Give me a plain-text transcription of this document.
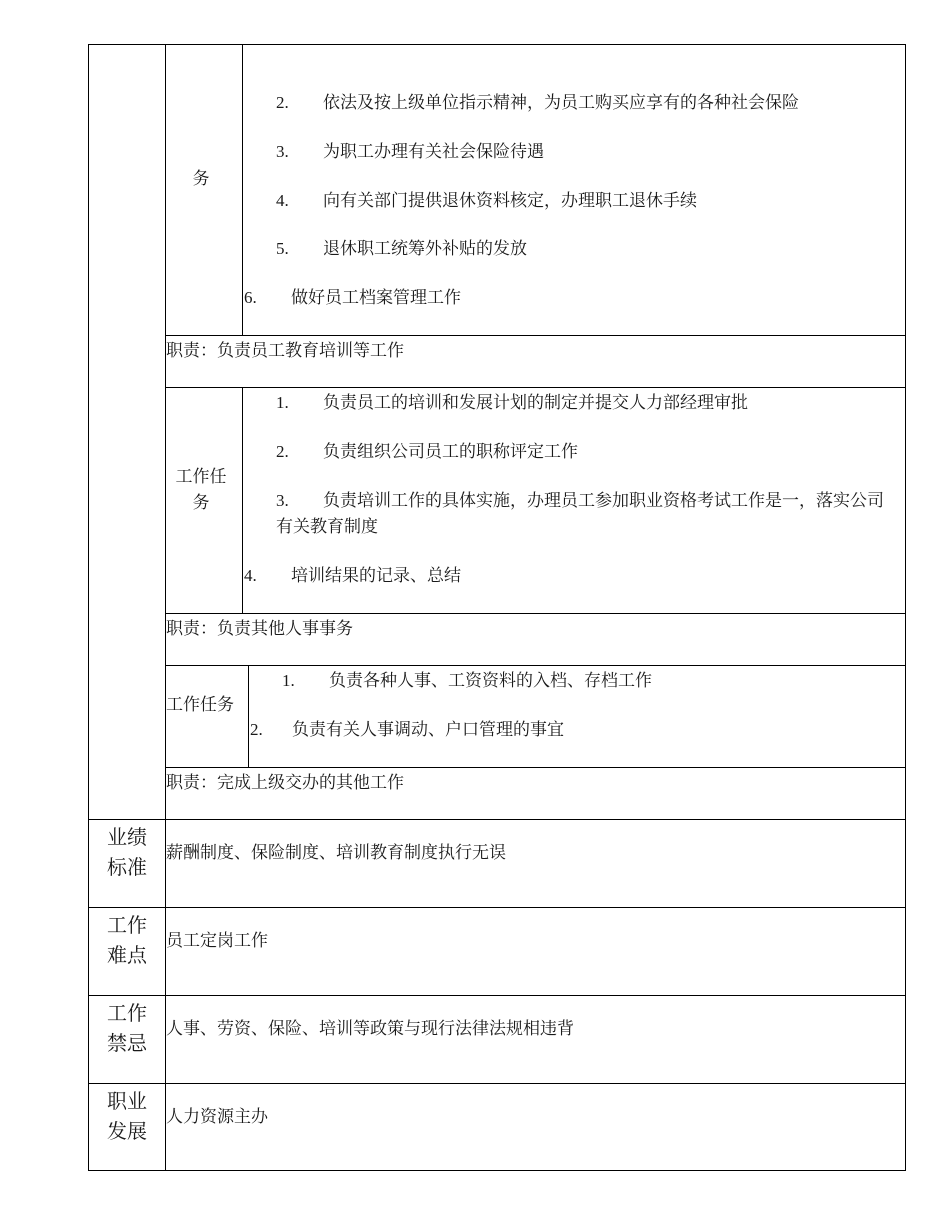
务
2. 依法及按上级单位指示精神，为员工购买应享有的各种社会保险
3. 为职工办理有关社会保险待遇
4. 向有关部门提供退休资料核定，办理职工退休手续
5. 退休职工统筹外补贴的发放
6. 做好员工档案管理工作
职责：负责员工教育培训等工作
工作任
务
1. 负责员工的培训和发展计划的制定并提交人力部经理审批
2. 负责组织公司员工的职称评定工作
3. 负责培训工作的具体实施，办理员工参加职业资格考试工作是一，落实公司有关教育制度
4. 培训结果的记录、总结
职责：负责其他人事事务
工作任务
1. 负责各种人事、工资资料的入档、存档工作
2. 负责有关人事调动、户口管理的事宜
职责：完成上级交办的其他工作
业绩
标准
薪酬制度、保险制度、培训教育制度执行无误
工作
难点
员工定岗工作
工作
禁忌
人事、劳资、保险、培训等政策与现行法律法规相违背
职业
发展
人力资源主办
